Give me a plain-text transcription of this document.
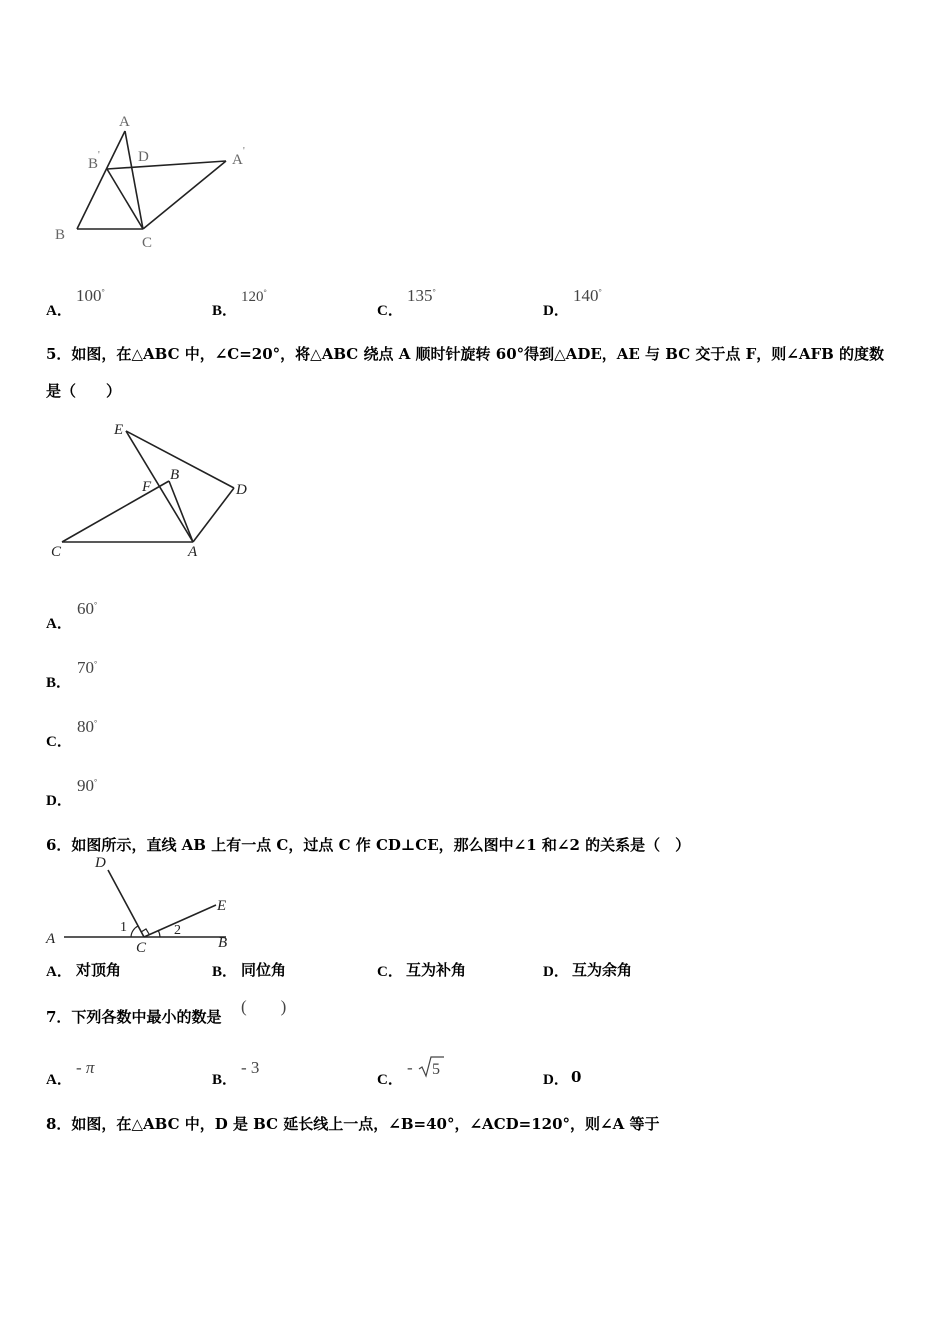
A
B
'	D	A
'
B	C
A．
100°
B．
120°
C．
135°
D．
140°
5．如图，在△ABC 中，∠C=20°，将△ABC 绕点 A 顺时针旋转 60°得到△ADE，AE 与 BC 交于点 F，则∠AFB 的度数
是（　　）
E
F
B
D
C	A
A．
60°
B．
70°
C．
80°
D．
90°
6．如图所示，直线 AB 上有一点 C，过点 C 作 CD⊥CE，那么图中∠1 和∠2 的关系是（　）
D
E
A	B
C
1	2
A． 对顶角	B． 同位角	C． 互为补角	D． 互为余角
7．下列各数中最小的数是
(　　)
A．
- π
B．
- 3
C．
- 5
D． 0
8．如图，在△ABC 中，D 是 BC 延长线上一点，∠B=40°，∠ACD=120°，则∠A 等于
